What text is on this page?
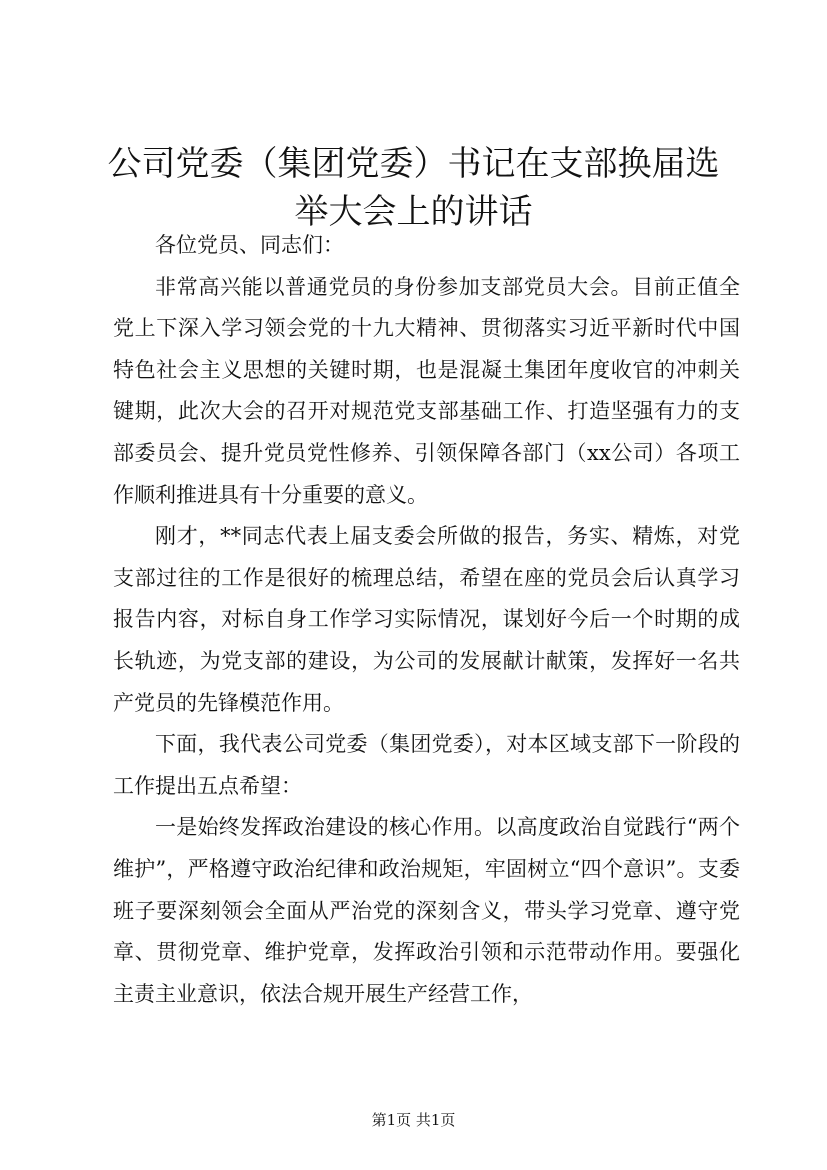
公司党委（集团党委）书记在支部换届选举大会上的讲话

各位党员、同志们：

非常高兴能以普通党员的身份参加支部党员大会。目前正值全党上下深入学习领会党的十九大精神、贯彻落实习近平新时代中国特色社会主义思想的关键时期，也是混凝土集团年度收官的冲刺关键期，此次大会的召开对规范党支部基础工作、打造坚强有力的支部委员会、提升党员党性修养、引领保障各部门（xx公司）各项工作顺利推进具有十分重要的意义。

刚才，**同志代表上届支委会所做的报告，务实、精炼，对党支部过往的工作是很好的梳理总结，希望在座的党员会后认真学习报告内容，对标自身工作学习实际情况，谋划好今后一个时期的成长轨迹，为党支部的建设，为公司的发展献计献策，发挥好一名共产党员的先锋模范作用。

下面，我代表公司党委（集团党委），对本区域支部下一阶段的工作提出五点希望：

一是始终发挥政治建设的核心作用。以高度政治自觉践行“两个维护”，严格遵守政治纪律和政治规矩，牢固树立“四个意识”。支委班子要深刻领会全面从严治党的深刻含义，带头学习党章、遵守党章、贯彻党章、维护党章，发挥政治引领和示范带动作用。要强化主责主业意识，依法合规开展生产经营工作，

第1页 共1页
